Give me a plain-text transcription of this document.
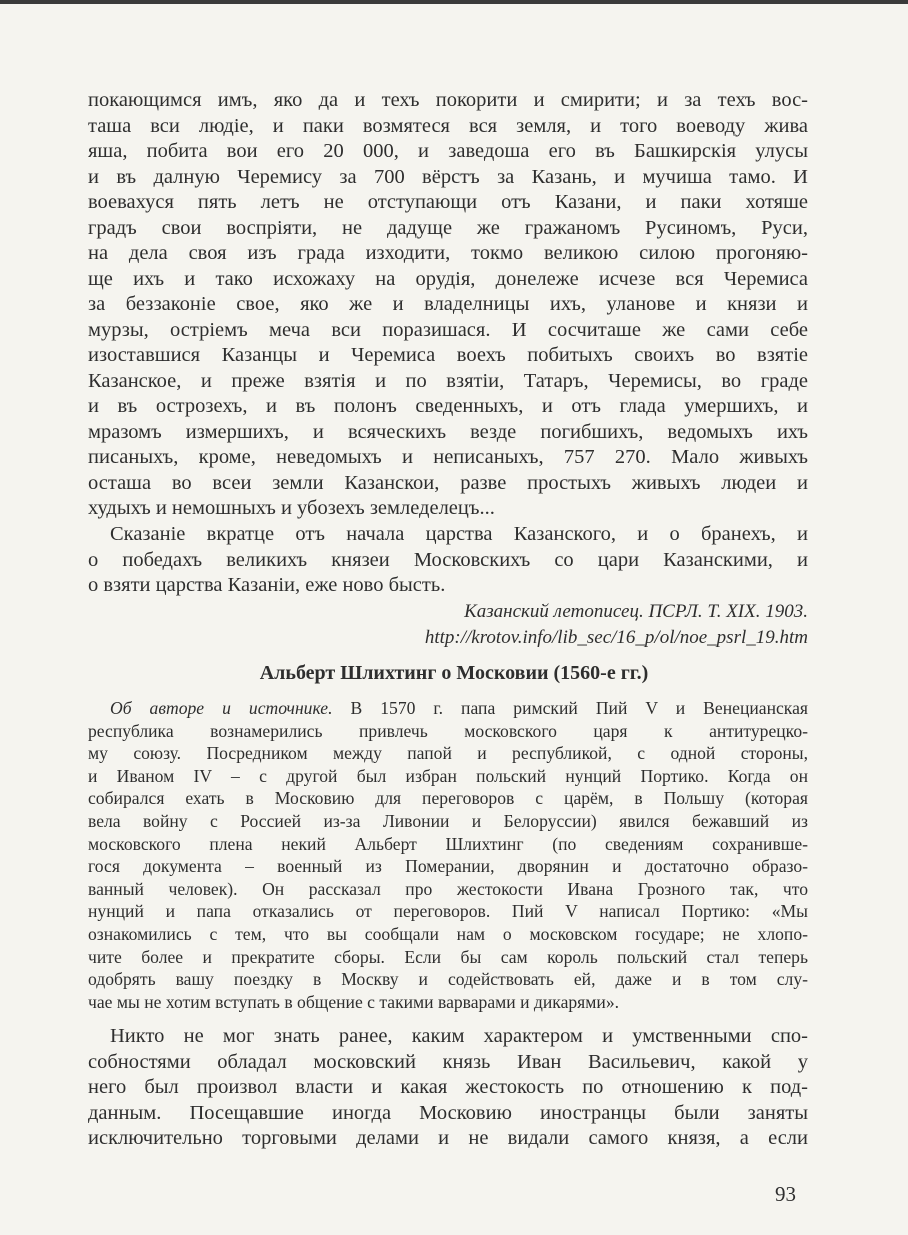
покающимся имъ, яко да и техъ покорити и смирити; и за техъ вос-
таша вси людіе, и паки возмятеся вся земля, и того воеводу жива
яша, побита вои его 20 000, и заведоша его въ Башкирскія улусы
и въ далную Черемису за 700 вёрстъ за Казань, и мучиша тамо. И
воевахуся пять летъ не отступающи отъ Казани, и паки хотяше
градъ свои воспріяти, не дадуще же гражаномъ Русиномъ, Руси,
на дела своя изъ града изходити, токмо великою силою прогоняю-
ще ихъ и тако исхожаху на орудія, донележе исчезе вся Черемиса
за беззаконіе свое, яко же и владелницы ихъ, уланове и князи и
мурзы, остріемъ меча вси поразишася. И сосчиташе же сами себе
изоставшися Казанцы и Черемиса воехъ побитыхъ своихъ во взятіе
Казанское, и преже взятія и по взятіи, Татаръ, Черемисы, во граде
и въ острозехъ, и въ полонъ сведенныхъ, и отъ глада умершихъ, и
мразомъ измершихъ, и всяческихъ везде погибшихъ, ведомыхъ ихъ
писаныхъ, кроме, неведомыхъ и неписаныхъ, 757 270. Мало живыхъ
осташа во всеи земли Казанскои, разве простыхъ живыхъ людеи и
худыхъ и немошныхъ и убозехъ земледелецъ...
Сказаніе вкратце отъ начала царства Казанского, и о бранехъ, и
о победахъ великихъ князеи Московскихъ со цари Казанскими, и
о взяти царства Казаніи, еже ново бысть.
Казанский летописец. ПСРЛ. Т. XIX. 1903.
http://krotov.info/lib_sec/16_p/ol/noe_psrl_19.htm
Альберт Шлихтинг о Московии (1560-е гг.)
Об авторе и источнике. В 1570 г. папа римский Пий V и Венецианская
республика вознамерились привлечь московского царя к антитурецко-
му союзу. Посредником между папой и республикой, с одной стороны,
и Иваном IV – с другой был избран польский нунций Портико. Когда он
собирался ехать в Московию для переговоров с царём, в Польшу (которая
вела войну с Россией из-за Ливонии и Белоруссии) явился бежавший из
московского плена некий Альберт Шлихтинг (по сведениям сохранивше-
гося документа – военный из Померании, дворянин и достаточно образо-
ванный человек). Он рассказал про жестокости Ивана Грозного так, что
нунций и папа отказались от переговоров. Пий V написал Портико: «Мы
ознакомились с тем, что вы сообщали нам о московском государе; не хлопо-
чите более и прекратите сборы. Если бы сам король польский стал теперь
одобрять вашу поездку в Москву и содействовать ей, даже и в том слу-
чае мы не хотим вступать в общение с такими варварами и дикарями».
Никто не мог знать ранее, каким характером и умственными спо-
собностями обладал московский князь Иван Васильевич, какой у
него был произвол власти и какая жестокость по отношению к под-
данным. Посещавшие иногда Московию иностранцы были заняты
исключительно торговыми делами и не видали самого князя, а если
93
